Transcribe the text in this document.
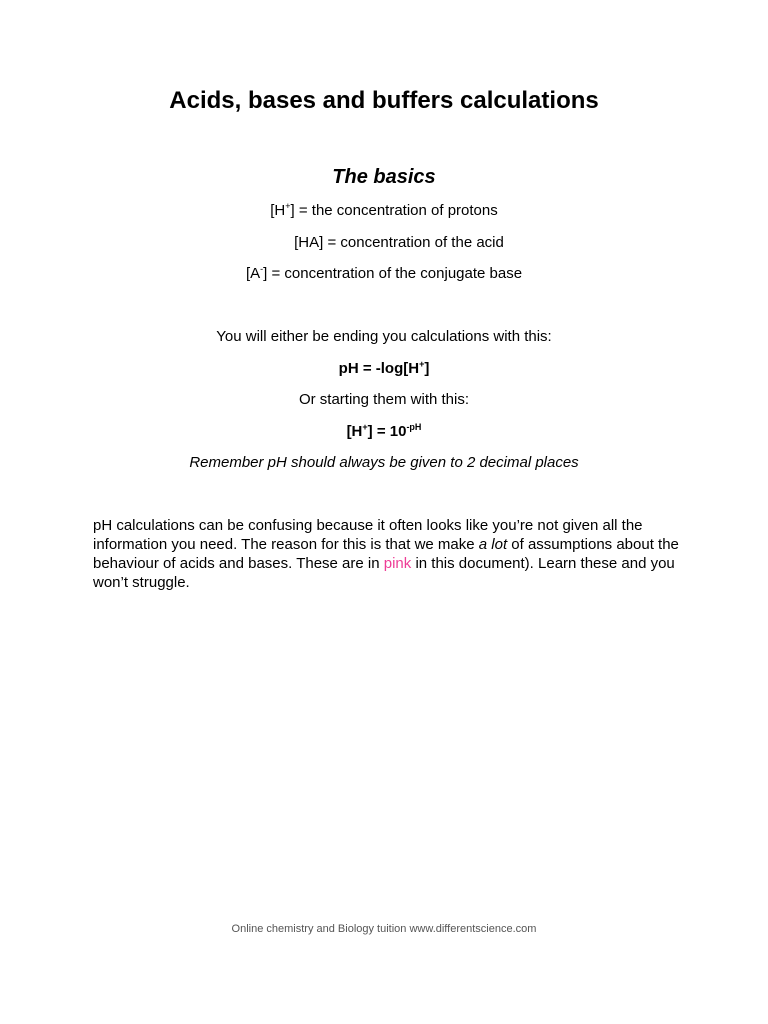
Acids, bases and buffers calculations
The basics
[H+] = the concentration of protons
[HA] = concentration of the acid
[A-] = concentration of the conjugate base
You will either be ending you calculations with this:
pH = -log[H+]
Or starting them with this:
$[H^+] = 10^{-pH}$
Remember pH should always be given to 2 decimal places
pH calculations can be confusing because it often looks like you’re not given all the information you need. The reason for this is that we make a lot of assumptions about the behaviour of acids and bases. These are in pink in this document). Learn these and you won’t struggle.
Online chemistry and Biology tuition www.differentscience.com
